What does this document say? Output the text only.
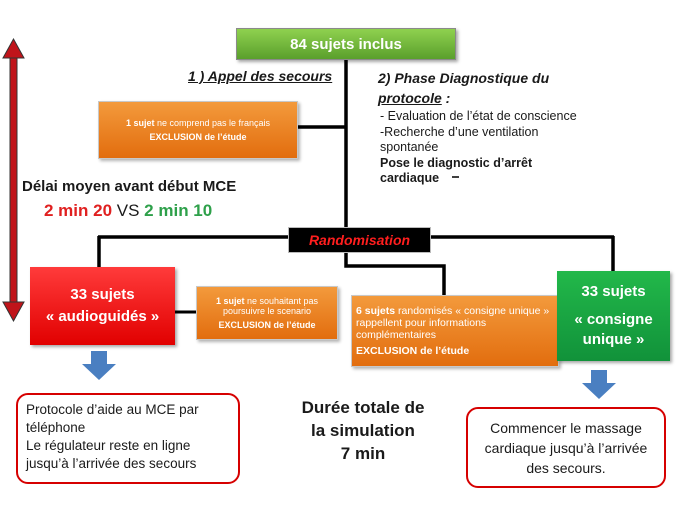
84 sujets inclus
1 ) Appel des secours	2) Phase Diagnostique du
protocole :
- Evaluation de l’état de conscience
-Recherche d’une ventilation spontanée
Pose le diagnostic d’arrêt cardiaque
1 sujet ne comprend pas le français
EXCLUSION de l’étude
Délai moyen avant début MCE
2 min 20 VS 2 min 10
Randomisation
33 sujets
« audioguidés »
1 sujet ne souhaitant pas poursuivre le scenario
EXCLUSION de l’étude
6 sujets randomisés « consigne unique » rappellent pour informations complémentaires
EXCLUSION de l’étude
33 sujets
« consigne unique »
Protocole d’aide au MCE par téléphone
Le régulateur reste en ligne jusqu’à l’arrivée des secours
Durée totale de
la simulation
7 min
Commencer le massage cardiaque jusqu’à l’arrivée des secours.
